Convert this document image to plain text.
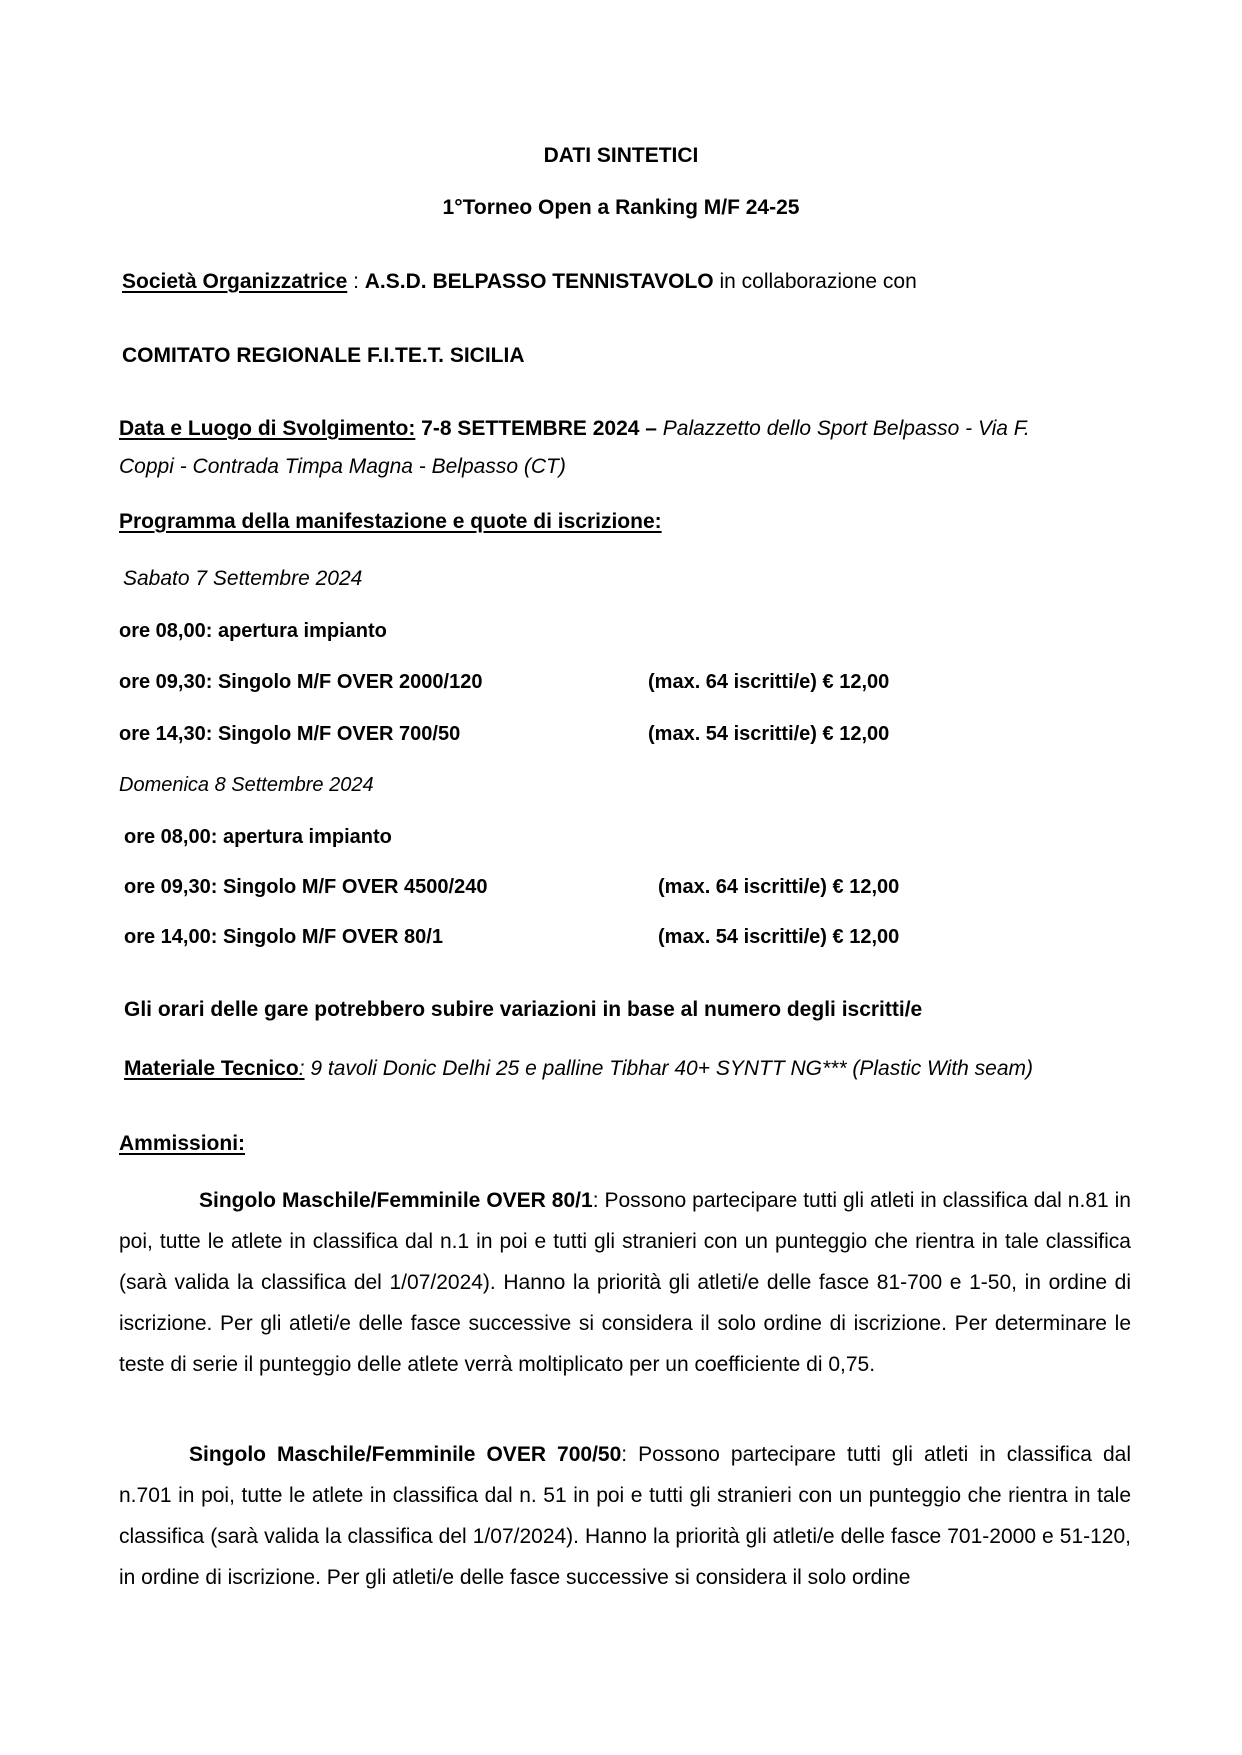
DATI SINTETICI
1°Torneo Open a Ranking M/F 24-25
Società Organizzatrice : A.S.D. BELPASSO TENNISTAVOLO in collaborazione con
COMITATO REGIONALE F.I.TE.T. SICILIA
Data e Luogo di Svolgimento: 7-8 SETTEMBRE 2024 – Palazzetto dello Sport Belpasso - Via F.
Coppi - Contrada Timpa Magna - Belpasso (CT)
Programma della manifestazione e quote di iscrizione:
Sabato 7 Settembre 2024
ore 08,00: apertura impianto
ore 09,30: Singolo M/F OVER 2000/120	(max. 64 iscritti/e) € 12,00
ore 14,30: Singolo M/F OVER 700/50	(max. 54 iscritti/e) € 12,00
Domenica 8 Settembre 2024
ore 08,00: apertura impianto
ore 09,30: Singolo M/F OVER 4500/240	(max. 64 iscritti/e) € 12,00
ore 14,00: Singolo M/F OVER 80/1	(max. 54 iscritti/e) € 12,00
Gli orari delle gare potrebbero subire variazioni in base al numero degli iscritti/e
Materiale Tecnico: 9 tavoli Donic Delhi 25 e palline Tibhar 40+ SYNTT NG*** (Plastic With seam)
Ammissioni:
Singolo Maschile/Femminile OVER 80/1: Possono partecipare tutti gli atleti in classifica dal n.81 in poi, tutte le atlete in classifica dal n.1 in poi e tutti gli stranieri con un punteggio che rientra in tale classifica (sarà valida la classifica del 1/07/2024). Hanno la priorità gli atleti/e delle fasce 81-700 e 1-50, in ordine di iscrizione. Per gli atleti/e delle fasce successive si considera il solo ordine di iscrizione. Per determinare le teste di serie il punteggio delle atlete verrà moltiplicato per un coefficiente di 0,75.
Singolo Maschile/Femminile OVER 700/50: Possono partecipare tutti gli atleti in classifica dal n.701 in poi, tutte le atlete in classifica dal n. 51 in poi e tutti gli stranieri con un punteggio che rientra in tale classifica (sarà valida la classifica del 1/07/2024). Hanno la priorità gli atleti/e delle fasce 701-2000 e 51-120, in ordine di iscrizione. Per gli atleti/e delle fasce successive si considera il solo ordine
